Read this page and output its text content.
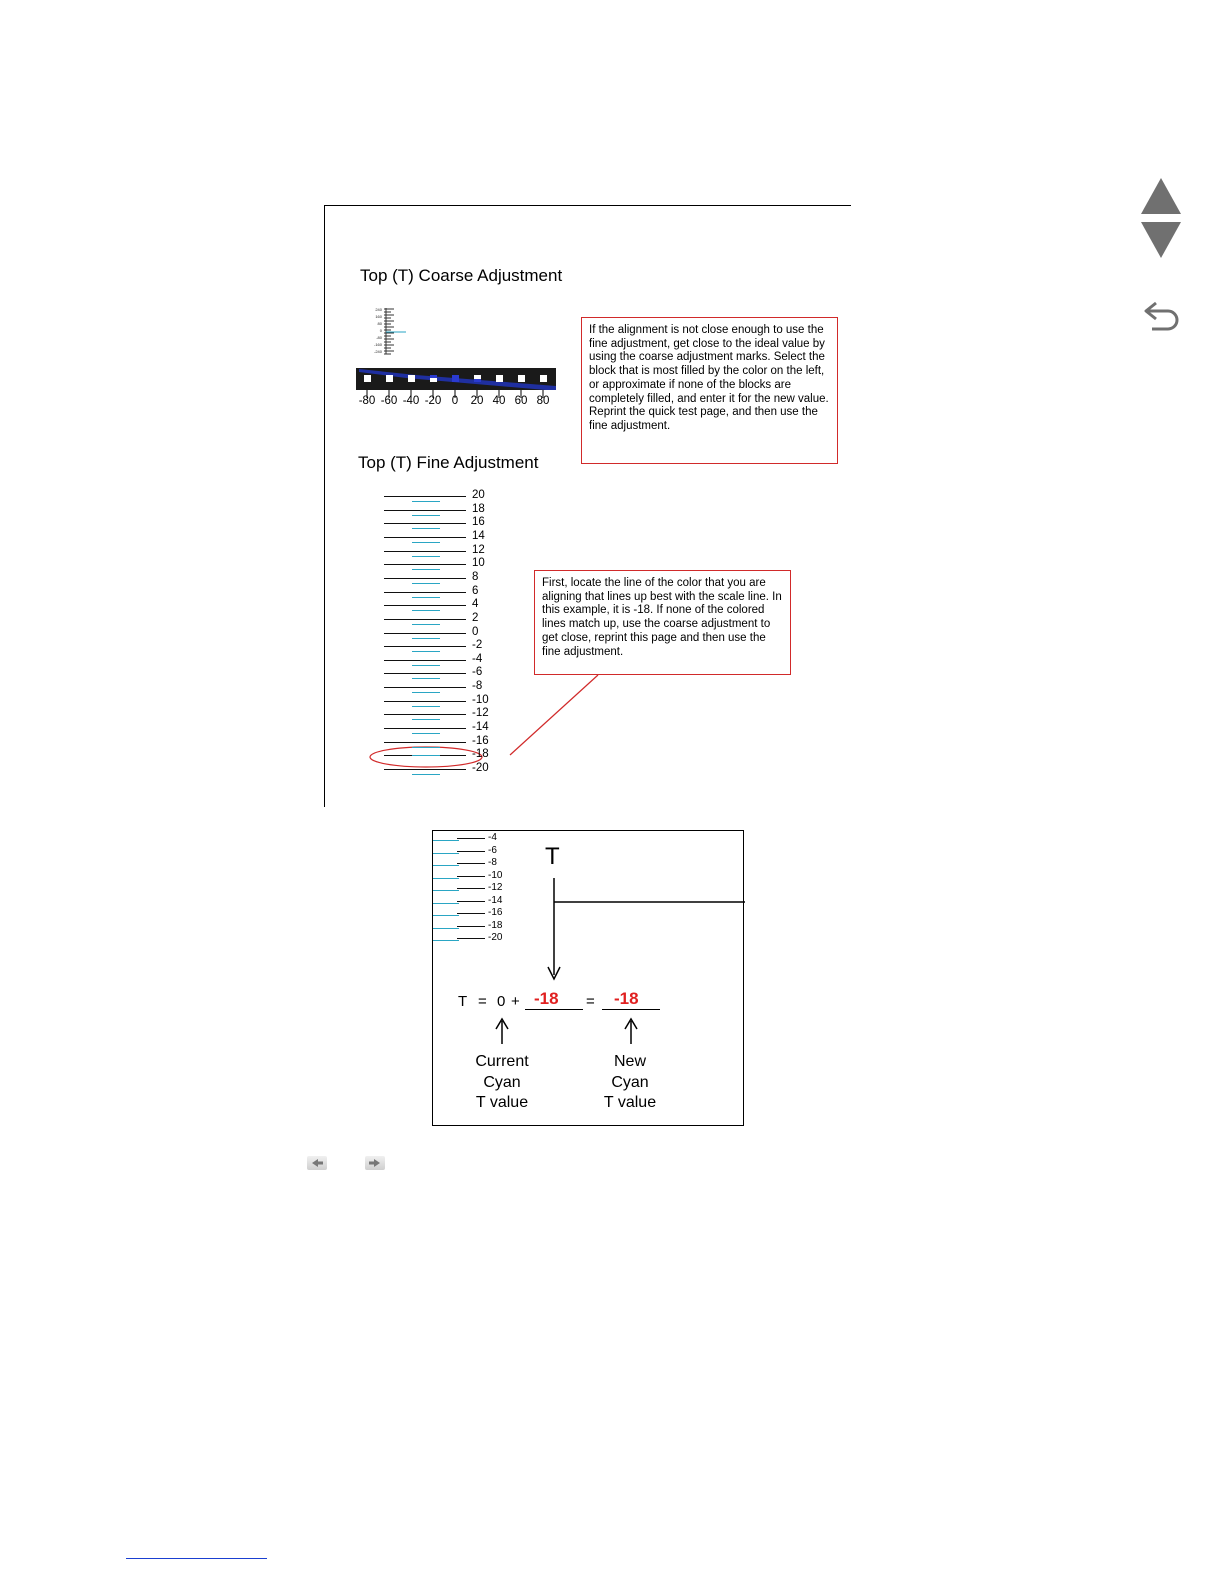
Top (T) Coarse Adjustment
240
160
80
0
-80
-160
-240
If the alignment is not close enough to use the fine adjustment, get close to the ideal value by using the coarse adjustment marks. Select the block that is most filled by the color on the left, or approximate if none of the blocks are completely filled, and enter it for the new value. Reprint the quick test page, and then use the fine adjustment.
Top (T) Fine Adjustment
First, locate the line of the color that you are aligning that lines up best with the scale line. In this example, it is -18. If none of the colored lines match up, use the coarse adjustment to get close, reprint this page and then use the fine adjustment.
-80 -60 -40 -20 0	20 40 60 80
20
18
16
14
12
10
8
6
4
2
0
-2
-4
-6
-8
-10
-12
-14
-16
-18
-20
T
T = 0 + -18 = -18
Current
Cyan
T value
New
Cyan
T value
-4
-6
-8
-10
-12
-14
-16
-18
-20
